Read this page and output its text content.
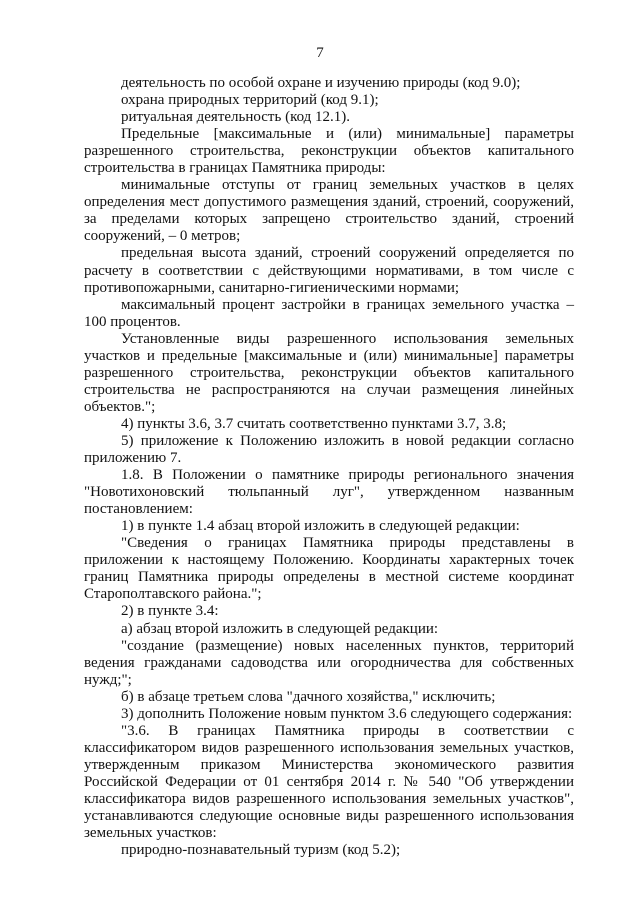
7

деятельность по особой охране и изучению природы (код 9.0);

охрана природных территорий (код 9.1);

ритуальная деятельность (код 12.1).

Предельные [максимальные и (или) минимальные] параметры разрешенного строительства, реконструкции объектов капитального строительства в границах Памятника природы:

минимальные отступы от границ земельных участков в целях определения мест допустимого размещения зданий, строений, сооружений, за пределами которых запрещено строительство зданий, строений сооружений, – 0 метров;

предельная высота зданий, строений сооружений определяется по расчету в соответствии с действующими нормативами, в том числе с противопожарными, санитарно-гигиеническими нормами;

максимальный процент застройки в границах земельного участка – 100 процентов.

Установленные виды разрешенного использования земельных участков и предельные [максимальные и (или) минимальные] параметры разрешенного строительства, реконструкции объектов капитального строительства не распространяются на случаи размещения линейных объектов.";

4) пункты 3.6, 3.7 считать соответственно пунктами 3.7, 3.8;

5) приложение к Положению изложить в новой редакции согласно приложению 7.

1.8. В Положении о памятнике природы регионального значения "Новотихоновский тюльпанный луг", утвержденном названным постановлением:

1) в пункте 1.4 абзац второй изложить в следующей редакции:

"Сведения о границах Памятника природы представлены в приложении к настоящему Положению. Координаты характерных точек границ Памятника природы определены в местной системе координат Старополтавского района.";

2) в пункте 3.4:

а) абзац второй изложить в следующей редакции:

"создание (размещение) новых населенных пунктов, территорий ведения гражданами садоводства или огородничества для собственных нужд;";

б) в абзаце третьем слова "дачного хозяйства," исключить;

3) дополнить Положение новым пунктом 3.6 следующего содержания:

"3.6. В границах Памятника природы в соответствии с классификатором видов разрешенного использования земельных участков, утвержденным приказом Министерства экономического развития Российской Федерации от 01 сентября 2014 г. № 540 "Об утверждении классификатора видов разрешенного использования земельных участков", устанавливаются следующие основные виды разрешенного использования земельных участков:

природно-познавательный туризм (код 5.2);
